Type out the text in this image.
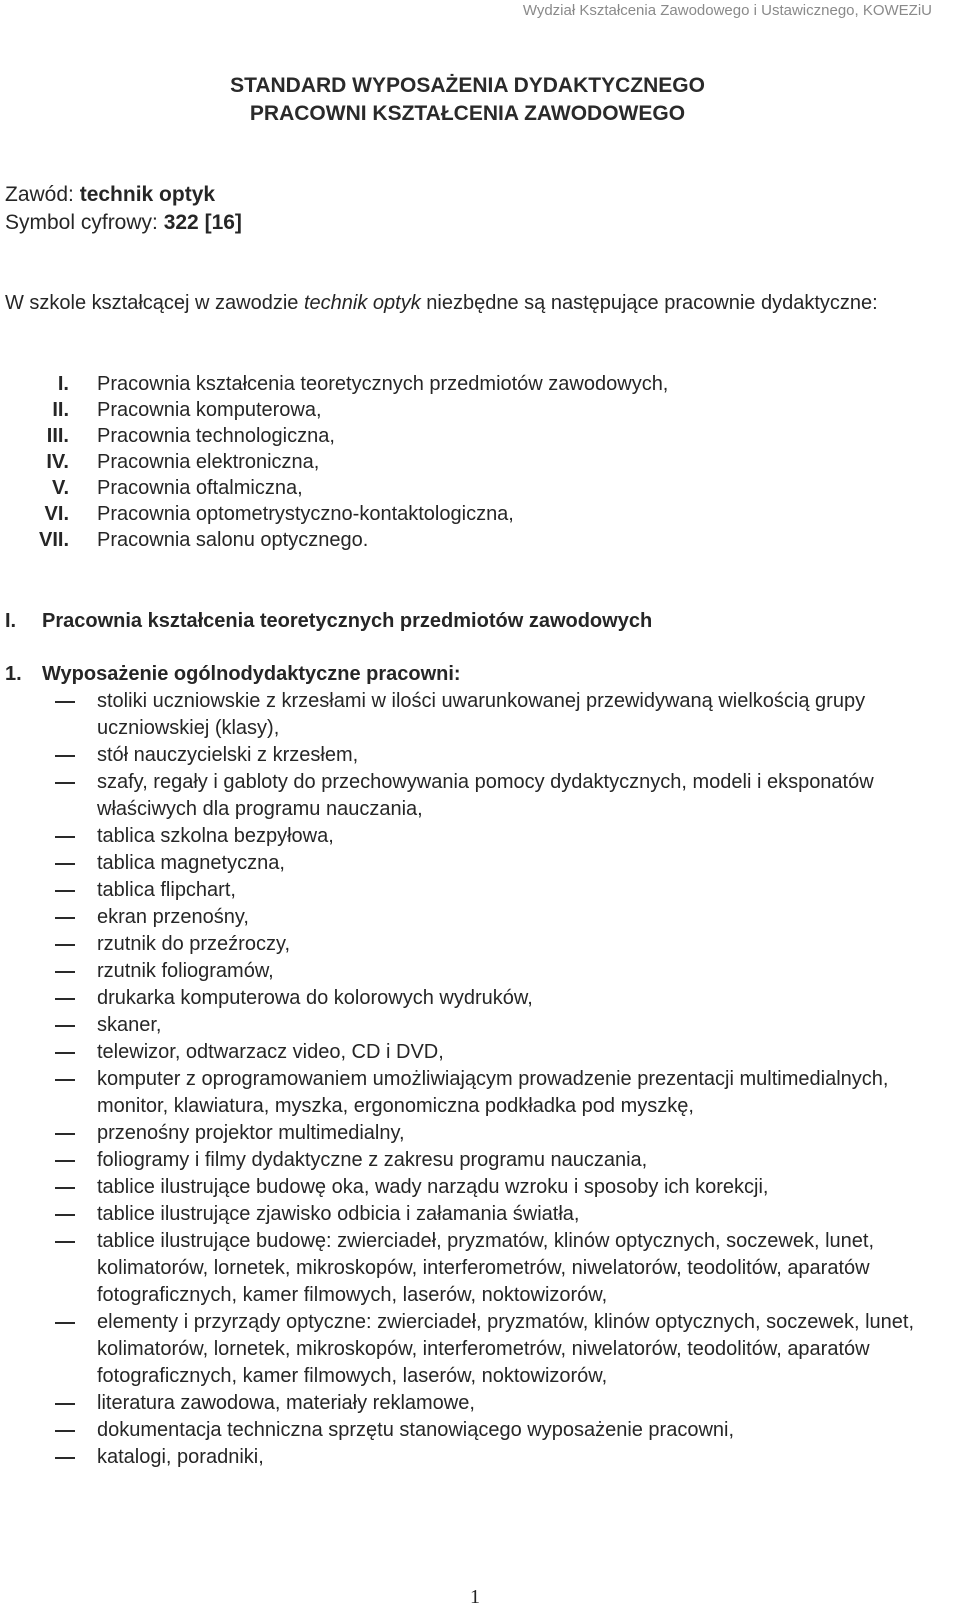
Wydział Kształcenia Zawodowego i Ustawicznego, KOWEZiU
STANDARD WYPOSAŻENIA DYDAKTYCZNEGO
PRACOWNI KSZTAŁCENIA ZAWODOWEGO
Zawód: technik optyk
Symbol cyfrowy: 322 [16]
W szkole kształcącej w zawodzie technik optyk niezbędne są następujące pracownie dydaktyczne:
I. Pracownia kształcenia teoretycznych przedmiotów zawodowych,
II. Pracownia komputerowa,
III. Pracownia technologiczna,
IV. Pracownia elektroniczna,
V. Pracownia oftalmiczna,
VI. Pracownia optometrystyczno-kontaktologiczna,
VII. Pracownia salonu optycznego.
I. Pracownia kształcenia teoretycznych przedmiotów zawodowych
1. Wyposażenie ogólnodydaktyczne pracowni:
stoliki uczniowskie z krzesłami w ilości uwarunkowanej przewidywaną wielkością grupy uczniowskiej (klasy),
stół nauczycielski z krzesłem,
szafy, regały i gabloty do przechowywania pomocy dydaktycznych, modeli i eksponatów właściwych dla programu nauczania,
tablica szkolna bezpyłowa,
tablica magnetyczna,
tablica flipchart,
ekran przenośny,
rzutnik do przeźroczy,
rzutnik foliogramów,
drukarka komputerowa do kolorowych wydruków,
skaner,
telewizor, odtwarzacz video, CD i DVD,
komputer z oprogramowaniem umożliwiającym prowadzenie prezentacji multimedialnych, monitor, klawiatura, myszka, ergonomiczna podkładka pod myszkę,
przenośny projektor multimedialny,
foliogramy i filmy dydaktyczne z zakresu programu nauczania,
tablice ilustrujące budowę oka, wady narządu wzroku i sposoby ich korekcji,
tablice ilustrujące zjawisko odbicia i załamania światła,
tablice ilustrujące budowę: zwierciadeł, pryzmatów, klinów optycznych, soczewek, lunet, kolimatorów, lornetek, mikroskopów, interferometrów, niwelatorów, teodolitów, aparatów fotograficznych, kamer filmowych, laserów, noktowizorów,
elementy i przyrządy optyczne: zwierciadeł, pryzmatów, klinów optycznych, soczewek, lunet, kolimatorów, lornetek, mikroskopów, interferometrów, niwelatorów, teodolitów, aparatów fotograficznych, kamer filmowych, laserów, noktowizorów,
literatura zawodowa, materiały reklamowe,
dokumentacja techniczna sprzętu stanowiącego wyposażenie pracowni,
katalogi, poradniki,
1
